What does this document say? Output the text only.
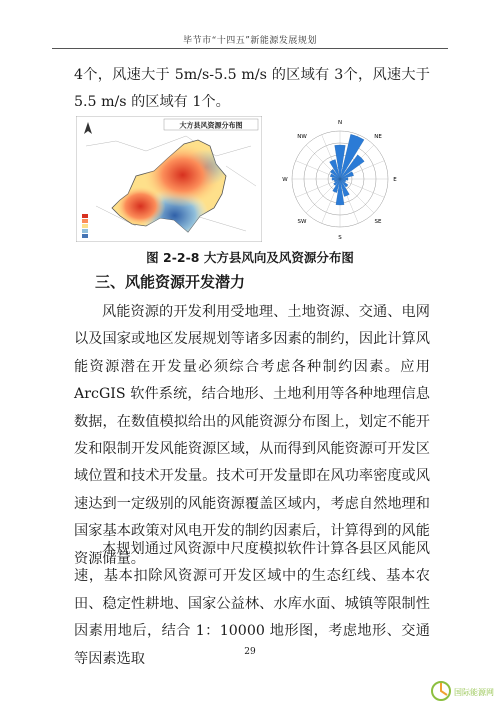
毕节市“十四五”新能源发展规划
4个，风速大于 5m/s-5.5 m/s 的区域有 3个，风速大于 5.5 m/s 的区域有 1个。
大方县风资源分布图	N
NE
E
SE
S
SW
W
NW
图 2-2-8 大方县风向及风资源分布图
三、风能资源开发潜力
风能资源的开发利用受地理、土地资源、交通、电网以及国家或地区发展规划等诸多因素的制约，因此计算风能资源潜在开发量必须综合考虑各种制约因素。应用 ArcGIS 软件系统，结合地形、土地利用等各种地理信息数据，在数值模拟给出的风能资源分布图上，划定不能开发和限制开发风能资源区域，从而得到风能资源可开发区域位置和技术开发量。技术可开发量即在风功率密度或风速达到一定级别的风能资源覆盖区域内，考虑自然地理和国家基本政策对风电开发的制约因素后，计算得到的风能资源储量。
本规划通过风资源中尺度模拟软件计算各县区风能风速，基本扣除风资源可开发区域中的生态红线、基本农田、稳定性耕地、国家公益林、水库水面、城镇等限制性因素用地后，结合 1：10000 地形图，考虑地形、交通等因素选取	29
国际能源网
